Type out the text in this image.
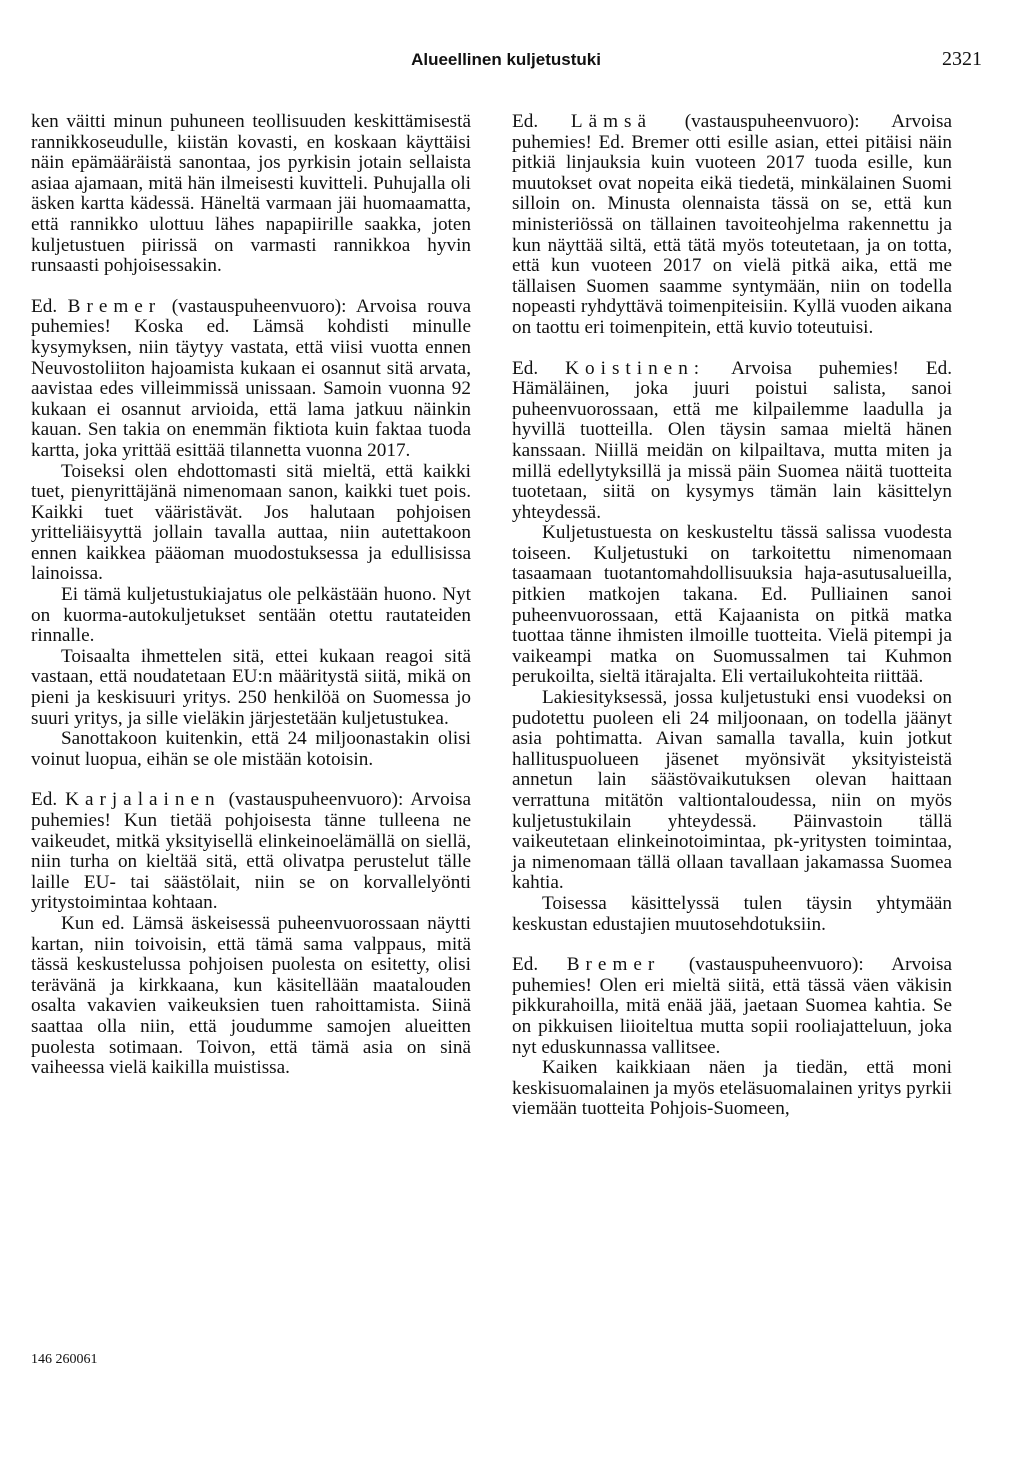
Alueellinen kuljetustuki	2321

ken väitti minun puhuneen teollisuuden keskittämisestä rannikkoseudulle, kiistän kovasti, en koskaan käyttäisi näin epämääräistä sanontaa, jos pyrkisin jotain sellaista asiaa ajamaan, mitä hän ilmeisesti kuvitteli. Puhujalla oli äsken kartta kädessä. Häneltä varmaan jäi huomaamatta, että rannikko ulottuu lähes napapiirille saakka, joten kuljetustuen piirissä on varmasti rannikkoa hyvin runsaasti pohjoisessakin.

Ed. Bremer (vastauspuheenvuoro): Arvoisa rouva puhemies! Koska ed. Lämsä kohdisti minulle kysymyksen, niin täytyy vastata, että viisi vuotta ennen Neuvostoliiton hajoamista kukaan ei osannut sitä arvata, aavistaa edes villeimmissä unissaan. Samoin vuonna 92 kukaan ei osannut arvioida, että lama jatkuu näinkin kauan. Sen takia on enemmän fiktiota kuin faktaa tuoda kartta, joka yrittää esittää tilannetta vuonna 2017.

Toiseksi olen ehdottomasti sitä mieltä, että kaikki tuet, pienyrittäjänä nimenomaan sanon, kaikki tuet pois. Kaikki tuet vääristävät. Jos halutaan pohjoisen yritteliäisyyttä jollain tavalla auttaa, niin autettakoon ennen kaikkea pääoman muodostuksessa ja edullisissa lainoissa.

Ei tämä kuljetustukiajatus ole pelkästään huono. Nyt on kuorma-autokuljetukset sentään otettu rautateiden rinnalle.

Toisaalta ihmettelen sitä, ettei kukaan reagoi sitä vastaan, että noudatetaan EU:n määritystä siitä, mikä on pieni ja keskisuuri yritys. 250 henkilöä on Suomessa jo suuri yritys, ja sille vieläkin järjestetään kuljetustukea.

Sanottakoon kuitenkin, että 24 miljoonastakin olisi voinut luopua, eihän se ole mistään kotoisin.

Ed. Karjalainen (vastauspuheenvuoro): Arvoisa puhemies! Kun tietää pohjoisesta tänne tulleena ne vaikeudet, mitkä yksityisellä elinkeinoelämällä on siellä, niin turha on kieltää sitä, että olivatpa perustelut tälle laille EU- tai säästölait, niin se on korvallelyönti yritystoimintaa kohtaan.

Kun ed. Lämsä äskeisessä puheenvuorossaan näytti kartan, niin toivoisin, että tämä sama valppaus, mitä tässä keskustelussa pohjoisen puolesta on esitetty, olisi terävänä ja kirkkaana, kun käsitellään maatalouden osalta vakavien vaikeuksien tuen rahoittamista. Siinä saattaa olla niin, että joudumme samojen alueitten puolesta sotimaan. Toivon, että tämä asia on sinä vaiheessa vielä kaikilla muistissa.

Ed. Lämsä (vastauspuheenvuoro): Arvoisa puhemies! Ed. Bremer otti esille asian, ettei pitäisi näin pitkiä linjauksia kuin vuoteen 2017 tuoda esille, kun muutokset ovat nopeita eikä tiedetä, minkälainen Suomi silloin on. Minusta olennaista tässä on se, että kun ministeriössä on tällainen tavoiteohjelma rakennettu ja kun näyttää siltä, että tätä myös toteutetaan, ja on totta, että kun vuoteen 2017 on vielä pitkä aika, että me tällaisen Suomen saamme syntymään, niin on todella nopeasti ryhdyttävä toimenpiteisiin. Kyllä vuoden aikana on taottu eri toimenpitein, että kuvio toteutuisi.

Ed. Koistinen: Arvoisa puhemies! Ed. Hämäläinen, joka juuri poistui salista, sanoi puheenvuorossaan, että me kilpailemme laadulla ja hyvillä tuotteilla. Olen täysin samaa mieltä hänen kanssaan. Niillä meidän on kilpailtava, mutta miten ja millä edellytyksillä ja missä päin Suomea näitä tuotteita tuotetaan, siitä on kysymys tämän lain käsittelyn yhteydessä.

Kuljetustuesta on keskusteltu tässä salissa vuodesta toiseen. Kuljetustuki on tarkoitettu nimenomaan tasaamaan tuotantomahdollisuuksia haja-asutusalueilla, pitkien matkojen takana. Ed. Pulliainen sanoi puheenvuorossaan, että Kajaanista on pitkä matka tuottaa tänne ihmisten ilmoille tuotteita. Vielä pitempi ja vaikeampi matka on Suomussalmen tai Kuhmon perukoilta, sieltä itärajalta. Eli vertailukohteita riittää.

Lakiesityksessä, jossa kuljetustuki ensi vuodeksi on pudotettu puoleen eli 24 miljoonaan, on todella jäänyt asia pohtimatta. Aivan samalla tavalla, kuin jotkut hallituspuolueen jäsenet myönsivät yksityisteistä annetun lain säästövaikutuksen olevan haittaan verrattuna mitätön valtiontaloudessa, niin on myös kuljetustukilain yhteydessä. Päinvastoin tällä vaikeutetaan elinkeinotoimintaa, pk-yritysten toimintaa, ja nimenomaan tällä ollaan tavallaan jakamassa Suomea kahtia.

Toisessa käsittelyssä tulen täysin yhtymään keskustan edustajien muutosehdotuksiin.

Ed. Bremer (vastauspuheenvuoro): Arvoisa puhemies! Olen eri mieltä siitä, että tässä väen väkisin pikkurahoilla, mitä enää jää, jaetaan Suomea kahtia. Se on pikkuisen liioiteltua mutta sopii rooliajatteluun, joka nyt eduskunnassa vallitsee.

Kaiken kaikkiaan näen ja tiedän, että moni keskisuomalainen ja myös eteläsuomalainen yritys pyrkii viemään tuotteita Pohjois-Suomeen,

146 260061
